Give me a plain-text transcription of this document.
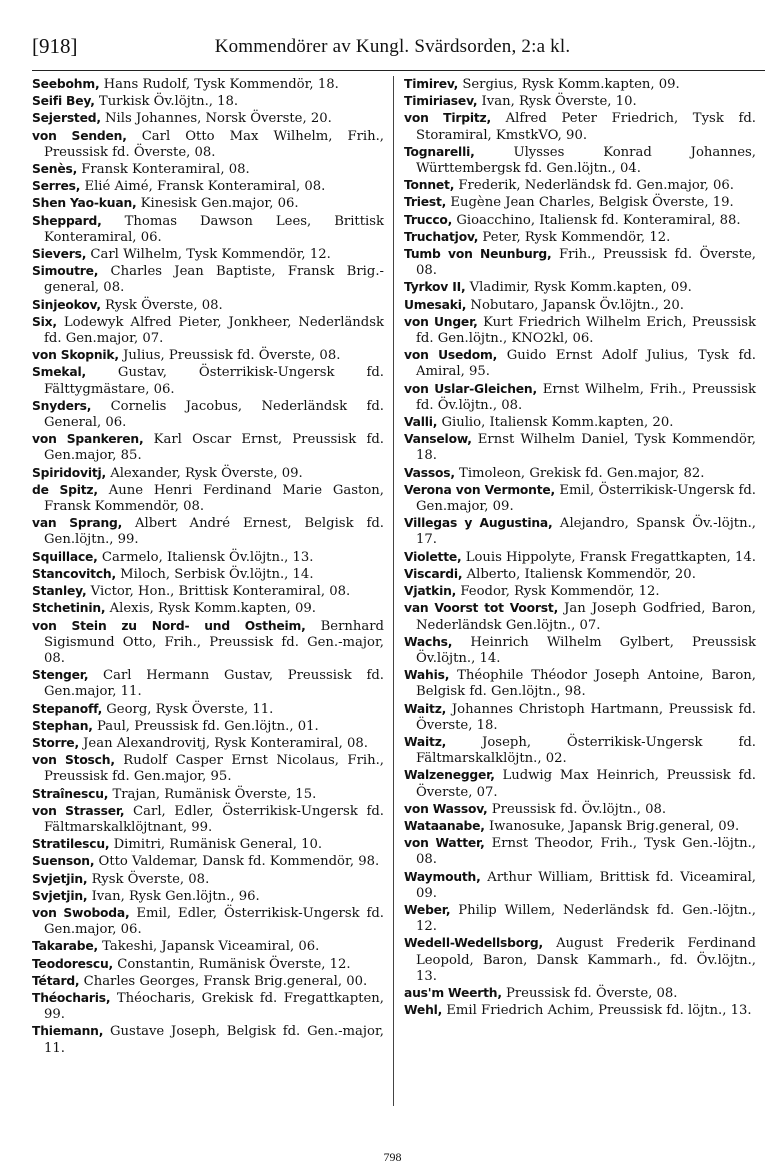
[918]	Kommendörer av Kungl. Svärdsorden, 2:a kl.

Seebohm, Hans Rudolf, Tysk Kommendör, 18.

Seifi Bey, Turkisk Öv.löjtn., 18.

Sejersted, Nils Johannes, Norsk Överste, 20.

von Senden, Carl Otto Max Wilhelm, Frih., Preussisk fd. Överste, 08.

Senès, Fransk Konteramiral, 08.

Serres, Elié Aimé, Fransk Konteramiral, 08.

Shen Yao-kuan, Kinesisk Gen.major, 06.

Sheppard, Thomas Dawson Lees, Brittisk Konteramiral, 06.

Sievers, Carl Wilhelm, Tysk Kommendör, 12.

Simoutre, Charles Jean Baptiste, Fransk Brig.-general, 08.

Sinjeokov, Rysk Överste, 08.

Six, Lodewyk Alfred Pieter, Jonkheer, Nederländsk fd. Gen.major, 07.

von Skopnik, Julius, Preussisk fd. Överste, 08.

Smekal, Gustav, Österrikisk-Ungersk fd. Fälttygmästare, 06.

Snyders, Cornelis Jacobus, Nederländsk fd. General, 06.

von Spankeren, Karl Oscar Ernst, Preussisk fd. Gen.major, 85.

Spiridovitj, Alexander, Rysk Överste, 09.

de Spitz, Aune Henri Ferdinand Marie Gaston, Fransk Kommendör, 08.

van Sprang, Albert André Ernest, Belgisk fd. Gen.löjtn., 99.

Squillace, Carmelo, Italiensk Öv.löjtn., 13.

Stancovitch, Miloch, Serbisk Öv.löjtn., 14.

Stanley, Victor, Hon., Brittisk Konteramiral, 08.

Stchetinin, Alexis, Rysk Komm.kapten, 09.

von Stein zu Nord- und Ostheim, Bernhard Sigismund Otto, Frih., Preussisk fd. Gen.-major, 08.

Stenger, Carl Hermann Gustav, Preussisk fd. Gen.major, 11.

Stepanoff, Georg, Rysk Överste, 11.

Stephan, Paul, Preussisk fd. Gen.löjtn., 01.

Storre, Jean Alexandrovitj, Rysk Konteramiral, 08.

von Stosch, Rudolf Casper Ernst Nicolaus, Frih., Preussisk fd. Gen.major, 95.

Straînescu, Trajan, Rumänisk Överste, 15.

von Strasser, Carl, Edler, Österrikisk-Ungersk fd. Fältmarskalklöjtnant, 99.

Stratilescu, Dimitri, Rumänisk General, 10.

Suenson, Otto Valdemar, Dansk fd. Kommendör, 98.

Svjetjin, Rysk Överste, 08.

Svjetjin, Ivan, Rysk Gen.löjtn., 96.

von Swoboda, Emil, Edler, Österrikisk-Ungersk fd. Gen.major, 06.

Takarabe, Takeshi, Japansk Viceamiral, 06.

Teodorescu, Constantin, Rumänisk Överste, 12.

Tétard, Charles Georges, Fransk Brig.general, 00.

Théocharis, Théocharis, Grekisk fd. Fregattkapten, 99.

Thiemann, Gustave Joseph, Belgisk fd. Gen.-major, 11.

Timirev, Sergius, Rysk Komm.kapten, 09.

Timiriasev, Ivan, Rysk Överste, 10.

von Tirpitz, Alfred Peter Friedrich, Tysk fd. Storamiral, KmstkVO, 90.

Tognarelli, Ulysses Konrad Johannes, Württembergsk fd. Gen.löjtn., 04.

Tonnet, Frederik, Nederländsk fd. Gen.major, 06.

Triest, Eugène Jean Charles, Belgisk Överste, 19.

Trucco, Gioacchino, Italiensk fd. Konteramiral, 88.

Truchatjov, Peter, Rysk Kommendör, 12.

Tumb von Neunburg, Frih., Preussisk fd. Överste, 08.

Tyrkov II, Vladimir, Rysk Komm.kapten, 09.

Umesaki, Nobutaro, Japansk Öv.löjtn., 20.

von Unger, Kurt Friedrich Wilhelm Erich, Preussisk fd. Gen.löjtn., KNO2kl, 06.

von Usedom, Guido Ernst Adolf Julius, Tysk fd. Amiral, 95.

von Uslar-Gleichen, Ernst Wilhelm, Frih., Preussisk fd. Öv.löjtn., 08.

Valli, Giulio, Italiensk Komm.kapten, 20.

Vanselow, Ernst Wilhelm Daniel, Tysk Kommendör, 18.

Vassos, Timoleon, Grekisk fd. Gen.major, 82.

Verona von Vermonte, Emil, Österrikisk-Ungersk fd. Gen.major, 09.

Villegas y Augustina, Alejandro, Spansk Öv.-löjtn., 17.

Violette, Louis Hippolyte, Fransk Fregattkapten, 14.

Viscardi, Alberto, Italiensk Kommendör, 20.

Vjatkin, Feodor, Rysk Kommendör, 12.

van Voorst tot Voorst, Jan Joseph Godfried, Baron, Nederländsk Gen.löjtn., 07.

Wachs, Heinrich Wilhelm Gylbert, Preussisk Öv.löjtn., 14.

Wahis, Théophile Théodor Joseph Antoine, Baron, Belgisk fd. Gen.löjtn., 98.

Waitz, Johannes Christoph Hartmann, Preussisk fd. Överste, 18.

Waitz, Joseph, Österrikisk-Ungersk fd. Fältmarskalklöjtn., 02.

Walzenegger, Ludwig Max Heinrich, Preussisk fd. Överste, 07.

von Wassov, Preussisk fd. Öv.löjtn., 08.

Wataanabe, Iwanosuke, Japansk Brig.general, 09.

von Watter, Ernst Theodor, Frih., Tysk Gen.-löjtn., 08.

Waymouth, Arthur William, Brittisk fd. Viceamiral, 09.

Weber, Philip Willem, Nederländsk fd. Gen.-löjtn., 12.

Wedell-Wedellsborg, August Frederik Ferdinand Leopold, Baron, Dansk Kammarh., fd. Öv.löjtn., 13.

aus'm Weerth, Preussisk fd. Överste, 08.

Wehl, Emil Friedrich Achim, Preussisk fd. löjtn., 13.

798
